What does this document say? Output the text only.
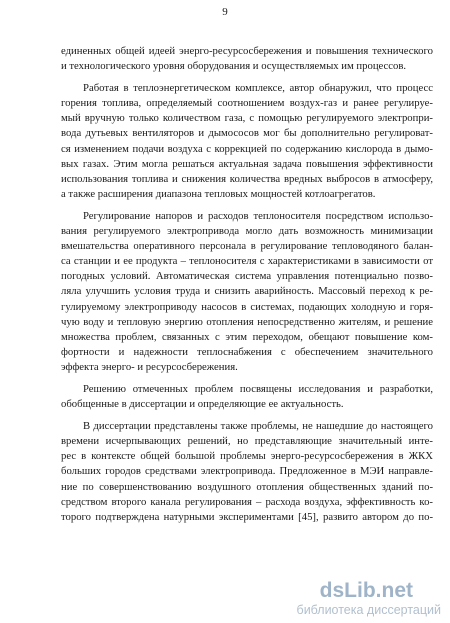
9
единенных общей идеей энерго-ресурсосбережения и повышения технического
и технологического уровня оборудования и осуществляемых им процессов.
Работая в теплоэнергетическом комплексе, автор обнаружил, что процесс
горения топлива, определяемый соотношением воздух-газ и ранее регулируе-
мый вручную только количеством газа, с помощью регулируемого электропри-
вода дутьевых вентиляторов и дымососов мог бы дополнительно регулироват-
ся изменением подачи воздуха с коррекцией по содержанию кислорода в дымо-
вых газах. Этим могла решаться актуальная задача повышения эффективности
использования топлива и снижения количества вредных выбросов в атмосферу,
а также расширения диапазона тепловых мощностей котлоагрегатов.
Регулирование напоров и расходов теплоносителя посредством использо-
вания регулируемого электропривода могло дать возможность минимизации
вмешательства оперативного персонала в регулирование тепловодяного балан-
са станции и ее продукта – теплоносителя с характеристиками в зависимости от
погодных условий. Автоматическая система управления потенциально позво-
ляла улучшить условия труда и снизить аварийность. Массовый переход к ре-
гулируемому электроприводу насосов в системах, подающих холодную и горя-
чую воду и тепловую энергию отопления непосредственно жителям, и решение
множества проблем, связанных с этим переходом, обещают повышение ком-
фортности и надежности теплоснабжения с обеспечением значительного
эффекта энерго- и ресурсосбережения.
Решению отмеченных проблем посвящены исследования и разработки,
обобщенные в диссертации и определяющие ее актуальность.
В диссертации представлены также проблемы, не нашедшие до настоящего
времени исчерпывающих решений, но представляющие значительный инте-
рес в контексте общей большой проблемы энерго-ресурсосбережения в ЖКХ
больших городов средствами электропривода. Предложенное в МЭИ направле-
ние по совершенствованию воздушного отопления общественных зданий по-
средством второго канала регулирования – расхода воздуха, эффективность ко-
торого подтверждена натурными экспериментами [45], развито автором до по-
dsLib.net
библиотека диссертаций
